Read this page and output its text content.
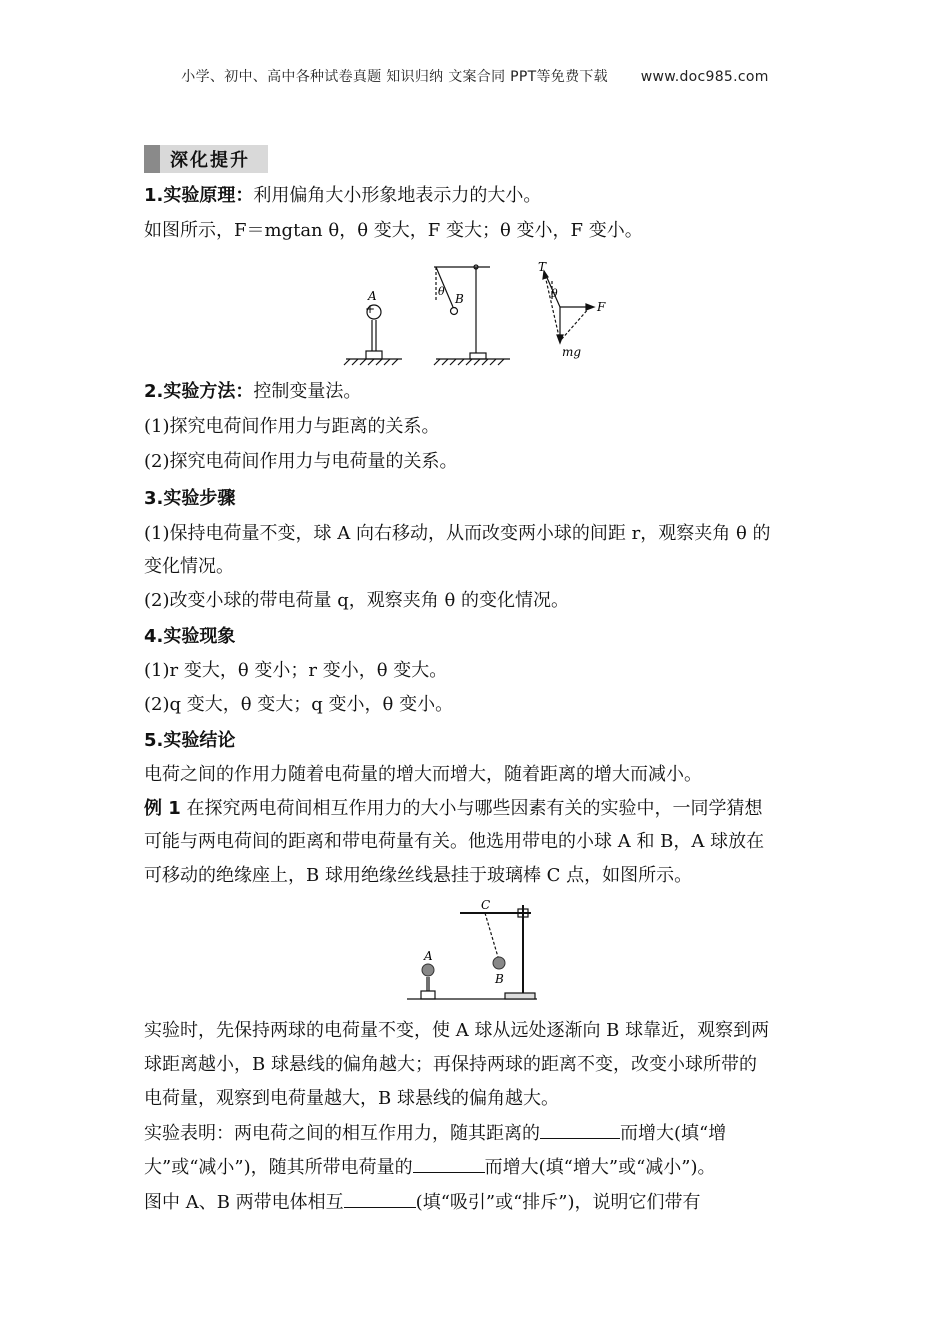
小学、初中、高中各种试卷真题 知识归纳 文案合同 PPT等免费下载 www.doc985.com
深化提升
1.实验原理：利用偏角大小形象地表示力的大小。
如图所示，F＝mgtan θ，θ 变大，F 变大；θ 变小，F 变小。
+
A	θ
B
T
θ
F
mg
2.实验方法：控制变量法。
(1)探究电荷间作用力与距离的关系。
(2)探究电荷间作用力与电荷量的关系。
3.实验步骤
(1)保持电荷量不变，球 A 向右移动，从而改变两小球的间距 r，观察夹角 θ 的
变化情况。
(2)改变小球的带电荷量 q，观察夹角 θ 的变化情况。
4.实验现象
(1)r 变大，θ 变小；r 变小，θ 变大。
(2)q 变大，θ 变大；q 变小，θ 变小。
5.实验结论
电荷之间的作用力随着电荷量的增大而增大，随着距离的增大而减小。
例 1 在探究两电荷间相互作用力的大小与哪些因素有关的实验中，一同学猜想
可能与两电荷间的距离和带电荷量有关。他选用带电的小球 A 和 B，A 球放在
可移动的绝缘座上，B 球用绝缘丝线悬挂于玻璃棒 C 点，如图所示。
A
B
C
实验时，先保持两球的电荷量不变，使 A 球从远处逐渐向 B 球靠近，观察到两
球距离越小，B 球悬线的偏角越大；再保持两球的距离不变，改变小球所带的
电荷量，观察到电荷量越大，B 球悬线的偏角越大。
实验表明：两电荷之间的相互作用力，随其距离的	而增大(填“增
大”或“减小”)，随其所带电荷量的	而增大(填“增大”或“减小”)。
图中 A、B 两带电体相互	(填“吸引”或“排斥”)，说明它们带有
